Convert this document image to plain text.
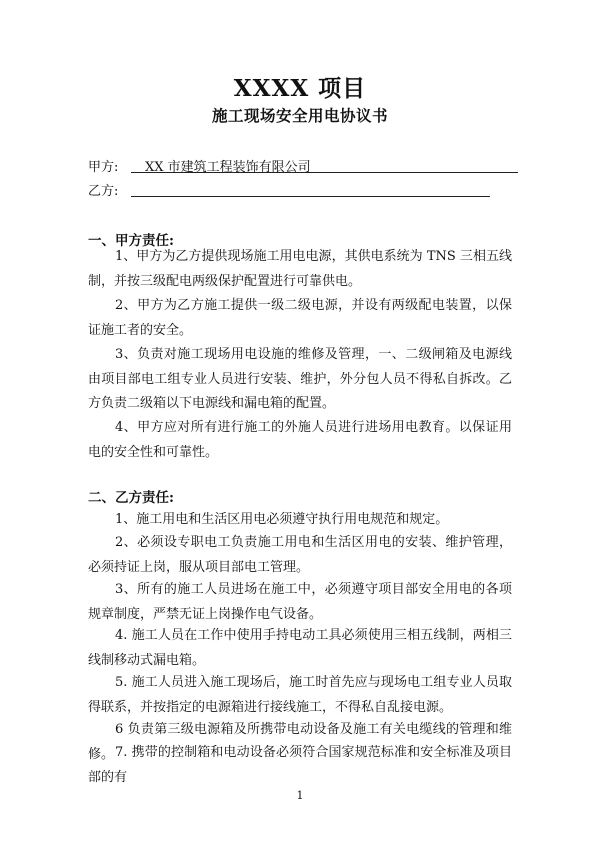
XXXX 项目
施工现场安全用电协议书
甲方: XX 市建筑工程装饰有限公司
乙方:
一、甲方责任:
1、甲方为乙方提供现场施工用电电源，其供电系统为 TNS 三相五线制，并按三级配电两级保护配置进行可靠供电。
2、甲方为乙方施工提供一级二级电源，并设有两级配电装置，以保证施工者的安全。
3、负责对施工现场用电设施的维修及管理，一、二级闸箱及电源线由项目部电工组专业人员进行安装、维护，外分包人员不得私自拆改。乙方负责二级箱以下电源线和漏电箱的配置。
4、甲方应对所有进行施工的外施人员进行进场用电教育。以保证用电的安全性和可靠性。
二、乙方责任:
1、施工用电和生活区用电必须遵守执行用电规范和规定。
2、必须设专职电工负责施工用电和生活区用电的安装、维护管理，必须持证上岗，服从项目部电工管理。
3、所有的施工人员进场在施工中，必须遵守项目部安全用电的各项规章制度，严禁无证上岗操作电气设备。
4. 施工人员在工作中使用手持电动工具必须使用三相五线制，两相三线制移动式漏电箱。
5. 施工人员进入施工现场后，施工时首先应与现场电工组专业人员取得联系，并按指定的电源箱进行接线施工，不得私自乱接电源。
6 负责第三级电源箱及所携带电动设备及施工有关电缆线的管理和维修。 7. 携带的控制箱和电动设备必须符合国家规范标准和安全标准及项目部的有
1
